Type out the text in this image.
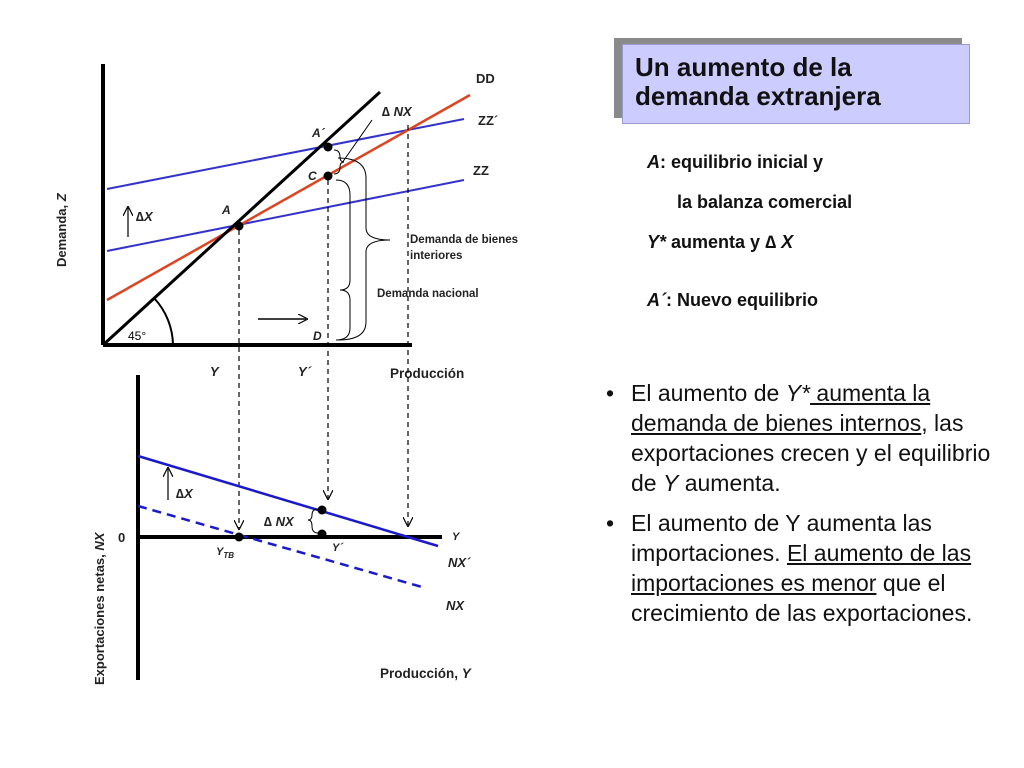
45°
∆X
∆ NX
A
A´
C
D
DD
ZZ´
ZZ
Demanda de bienes
interiores
Demanda nacional
Demanda, Z
Producción
Y	Y´
∆X
∆ NX
0
$Y_{TB}$
Y´
Y
NX´
NX
Exportaciones netas, NX
Producción, Y
Un aumento de la
demanda extranjera

A: equilibrio inicial y

la balanza comercial

Y* aumenta y ∆ X

A´: Nuevo equilibrio

• El aumento de Y* aumenta la demanda de bienes internos, las exportaciones crecen y el equilibrio de Y aumenta.
• El aumento de Y aumenta las importaciones. El aumento de las importaciones es menor que el crecimiento de las exportaciones.
